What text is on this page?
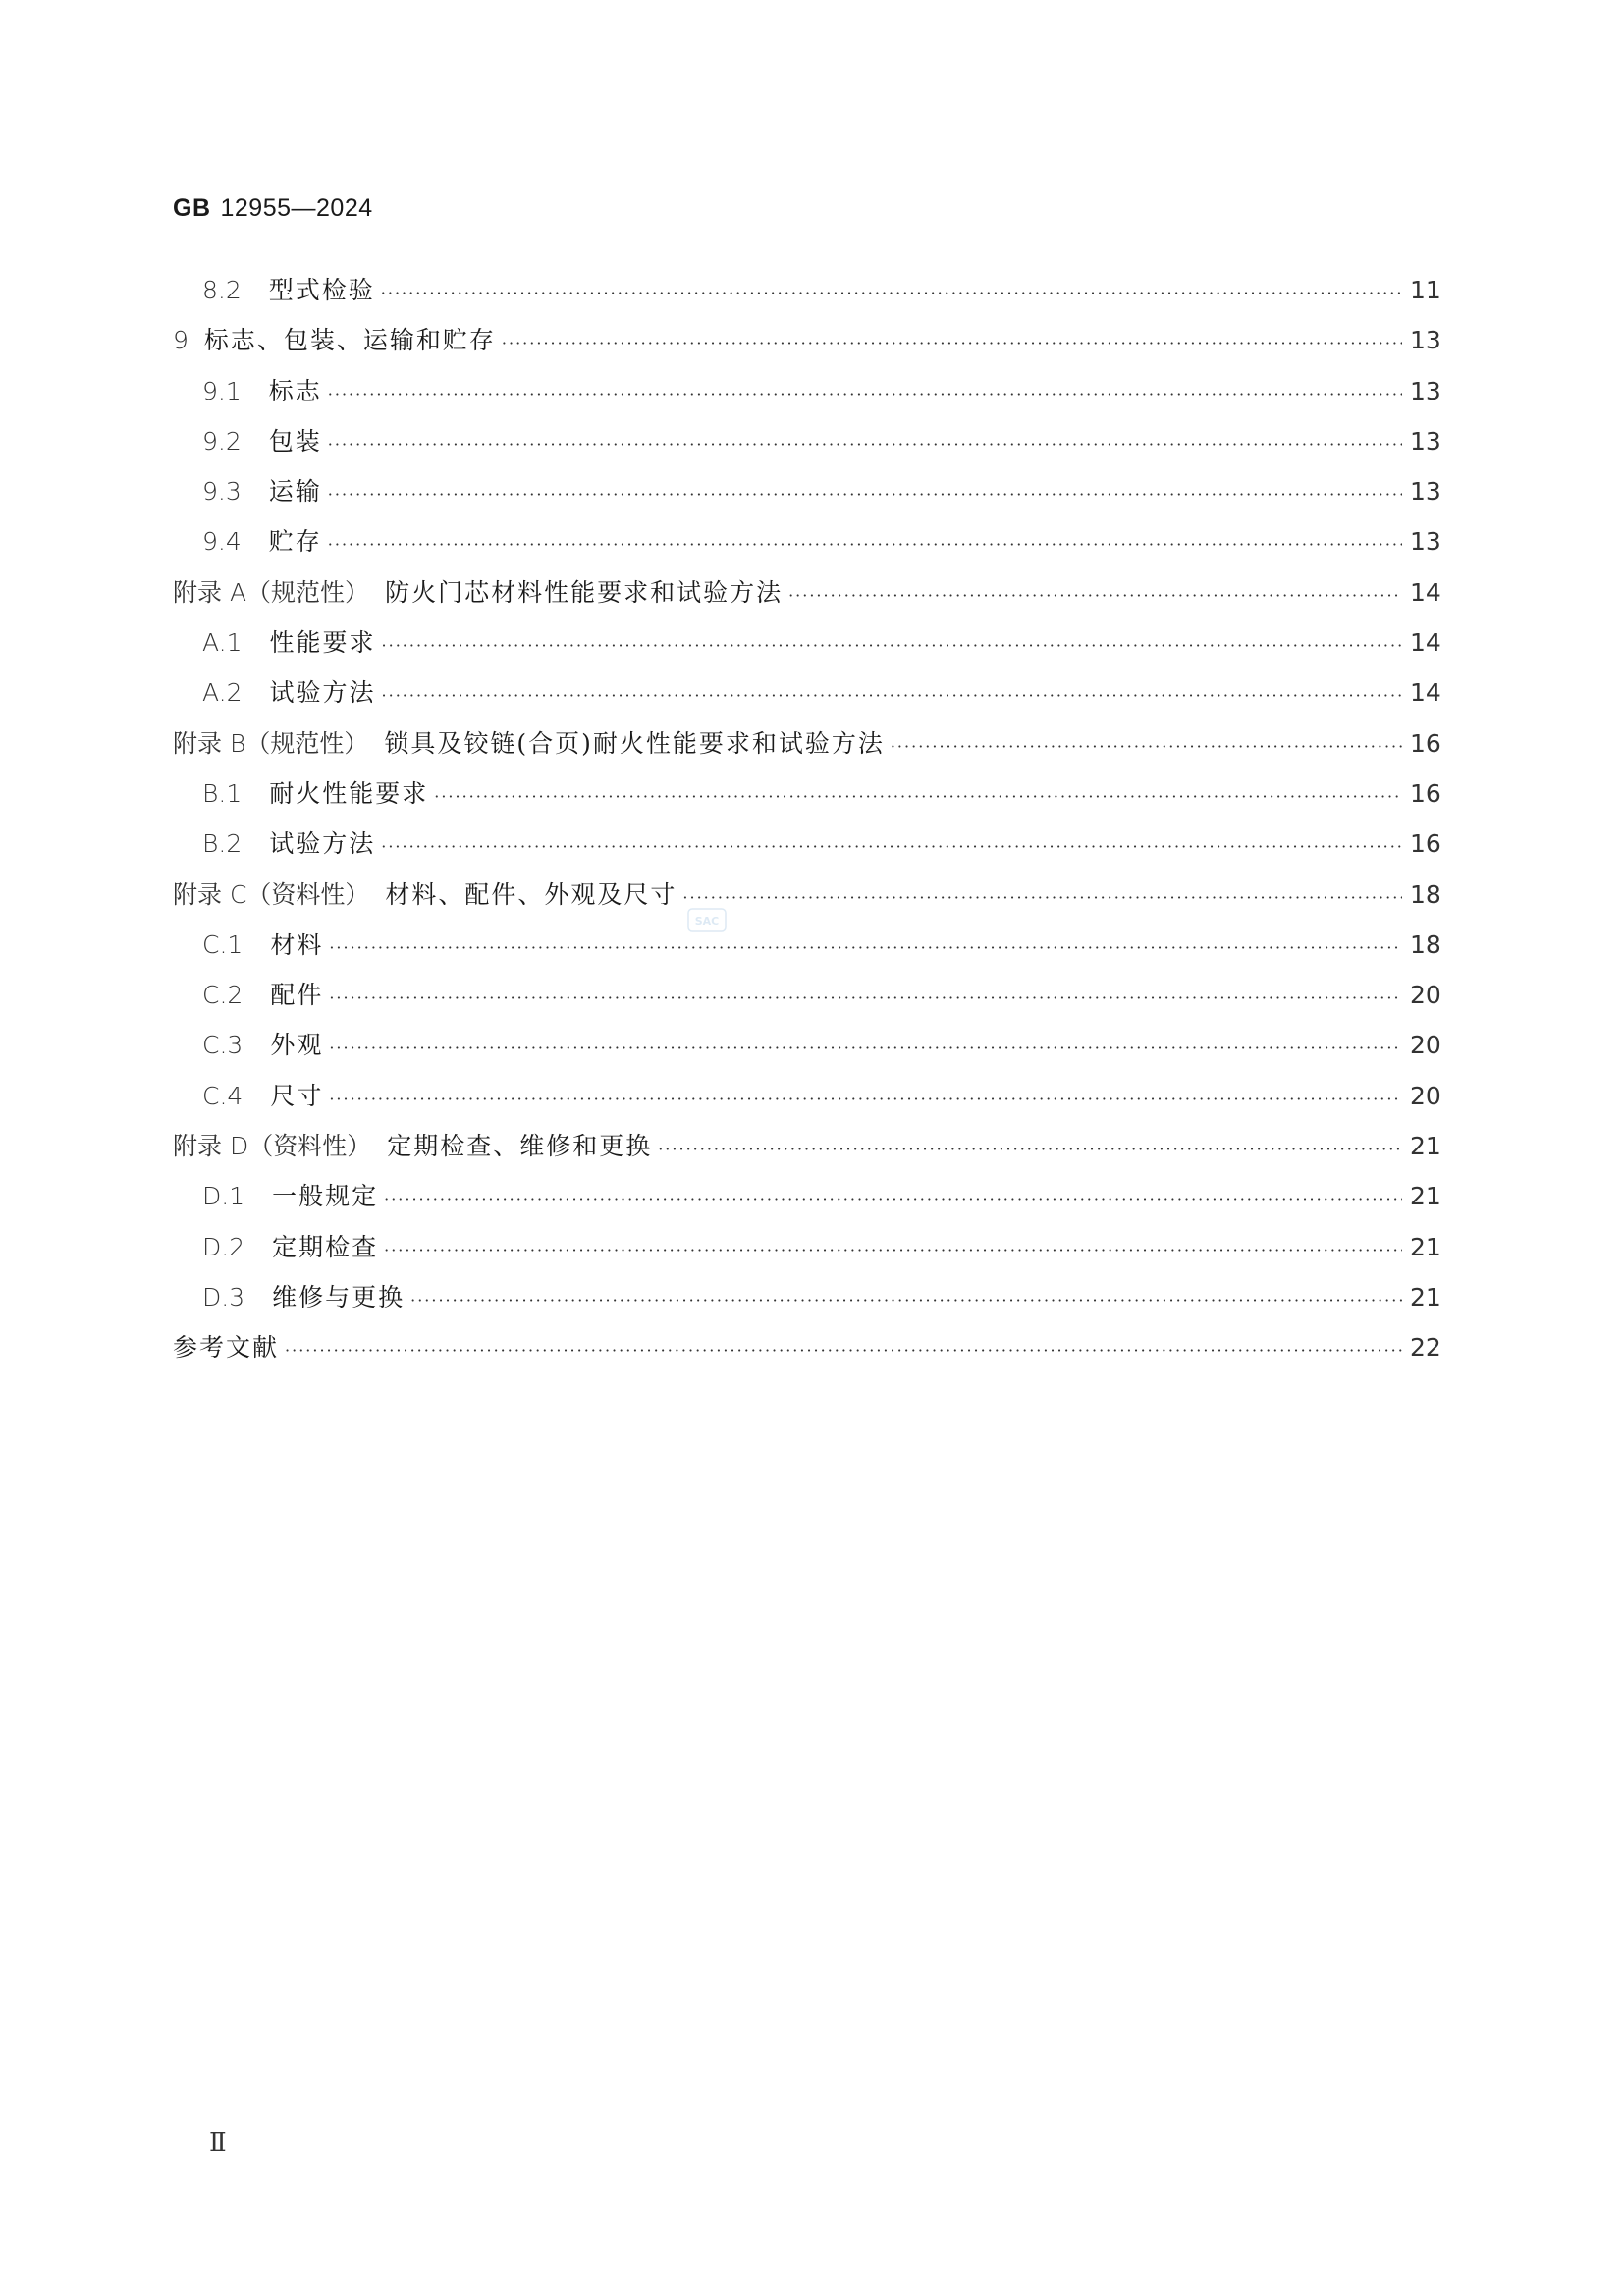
GB 12955—2024
8.2 型式检验 ·····	11
9 标志、包装、运输和贮存 ·····	13
9.1 标志 ·····	13
9.2 包装 ·····	13
9.3 运输 ·····	13
9.4 贮存 ·····	13
附录 A（规范性） 防火门芯材料性能要求和试验方法 ·····	14
A.1 性能要求 ·····	14
A.2 试验方法 ·····	14
附录 B（规范性） 锁具及铰链(合页)耐火性能要求和试验方法 ·····	16
B.1 耐火性能要求 ·····	16
B.2 试验方法 ·····	16
附录 C（资料性） 材料、配件、外观及尺寸 ·····	18
C.1 材料 ·····	18
C.2 配件 ·····	20
C.3 外观 ·····	20
C.4 尺寸 ·····	20
附录 D（资料性） 定期检查、维修和更换 ·····	21
D.1 一般规定 ·····	21
D.2 定期检查 ·····	21
D.3 维修与更换 ·····	21
参考文献 ·····	22
SAC
Ⅱ
